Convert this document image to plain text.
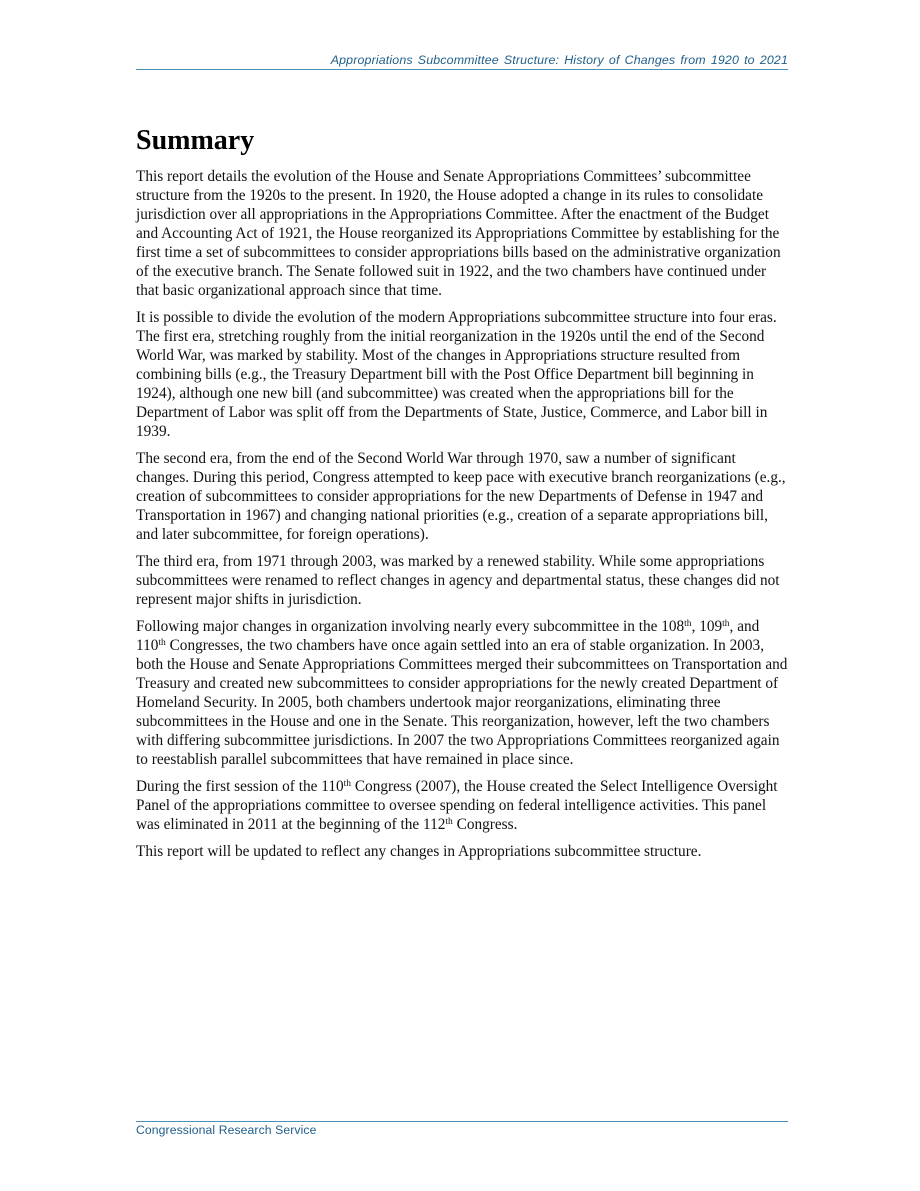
Appropriations Subcommittee Structure: History of Changes from 1920 to 2021
Summary

This report details the evolution of the House and Senate Appropriations Committees’ subcommittee structure from the 1920s to the present. In 1920, the House adopted a change in its rules to consolidate jurisdiction over all appropriations in the Appropriations Committee. After the enactment of the Budget and Accounting Act of 1921, the House reorganized its Appropriations Committee by establishing for the first time a set of subcommittees to consider appropriations bills based on the administrative organization of the executive branch. The Senate followed suit in 1922, and the two chambers have continued under that basic organizational approach since that time.

It is possible to divide the evolution of the modern Appropriations subcommittee structure into four eras. The first era, stretching roughly from the initial reorganization in the 1920s until the end of the Second World War, was marked by stability. Most of the changes in Appropriations structure resulted from combining bills (e.g., the Treasury Department bill with the Post Office Department bill beginning in 1924), although one new bill (and subcommittee) was created when the appropriations bill for the Department of Labor was split off from the Departments of State, Justice, Commerce, and Labor bill in 1939.

The second era, from the end of the Second World War through 1970, saw a number of significant changes. During this period, Congress attempted to keep pace with executive branch reorganizations (e.g., creation of subcommittees to consider appropriations for the new Departments of Defense in 1947 and Transportation in 1967) and changing national priorities (e.g., creation of a separate appropriations bill, and later subcommittee, for foreign operations).

The third era, from 1971 through 2003, was marked by a renewed stability. While some appropriations subcommittees were renamed to reflect changes in agency and departmental status, these changes did not represent major shifts in jurisdiction.

Following major changes in organization involving nearly every subcommittee in the 108th, 109th, and 110th Congresses, the two chambers have once again settled into an era of stable organization. In 2003, both the House and Senate Appropriations Committees merged their subcommittees on Transportation and Treasury and created new subcommittees to consider appropriations for the newly created Department of Homeland Security. In 2005, both chambers undertook major reorganizations, eliminating three subcommittees in the House and one in the Senate. This reorganization, however, left the two chambers with differing subcommittee jurisdictions. In 2007 the two Appropriations Committees reorganized again to reestablish parallel subcommittees that have remained in place since.

During the first session of the 110th Congress (2007), the House created the Select Intelligence Oversight Panel of the appropriations committee to oversee spending on federal intelligence activities. This panel was eliminated in 2011 at the beginning of the 112th Congress.

This report will be updated to reflect any changes in Appropriations subcommittee structure.

Congressional Research Service
